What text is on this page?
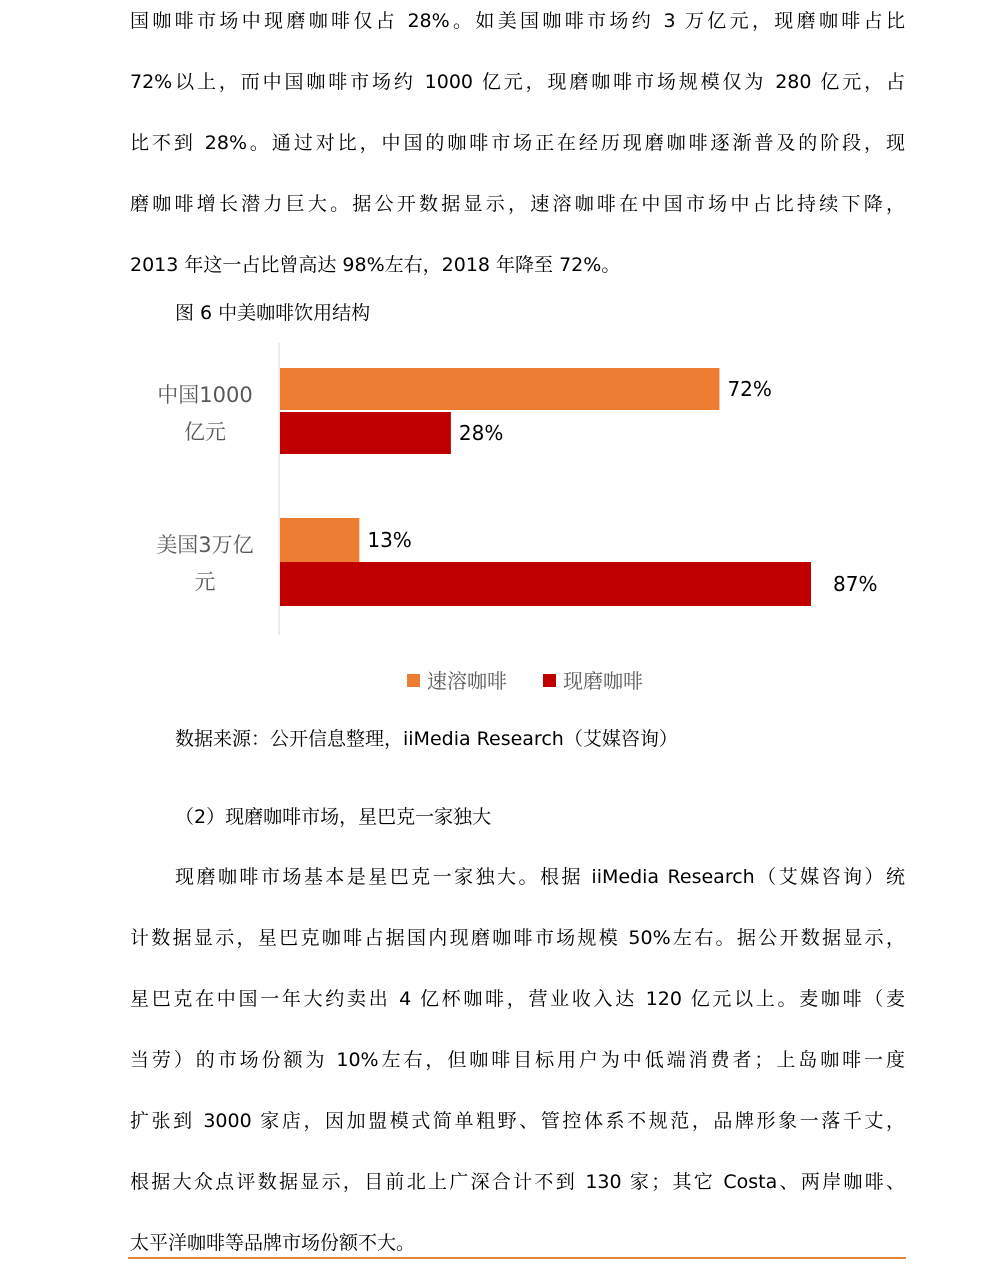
国咖啡市场中现磨咖啡仅占 28%。如美国咖啡市场约 3 万亿元，现磨咖啡占比
72%以上，而中国咖啡市场约 1000 亿元，现磨咖啡市场规模仅为 280 亿元，占
比不到 28%。通过对比，中国的咖啡市场正在经历现磨咖啡逐渐普及的阶段，现
磨咖啡增长潜力巨大。据公开数据显示，速溶咖啡在中国市场中占比持续下降，
2013 年这一占比曾高达 98%左右，2018 年降至 72%。
图 6 中美咖啡饮用结构
72%
28%
13%
87%
中国1000
亿元
美国3万亿
元
速溶咖啡	现磨咖啡
数据来源：公开信息整理，iiMedia Research（艾媒咨询）
（2）现磨咖啡市场，星巴克一家独大
现磨咖啡市场基本是星巴克一家独大。根据 iiMedia Research（艾媒咨询）统
计数据显示，星巴克咖啡占据国内现磨咖啡市场规模 50%左右。据公开数据显示，
星巴克在中国一年大约卖出 4 亿杯咖啡，营业收入达 120 亿元以上。麦咖啡（麦
当劳）的市场份额为 10%左右，但咖啡目标用户为中低端消费者；上岛咖啡一度
扩张到 3000 家店，因加盟模式简单粗野、管控体系不规范，品牌形象一落千丈，
根据大众点评数据显示，目前北上广深合计不到 130 家；其它 Costa、两岸咖啡、
太平洋咖啡等品牌市场份额不大。
